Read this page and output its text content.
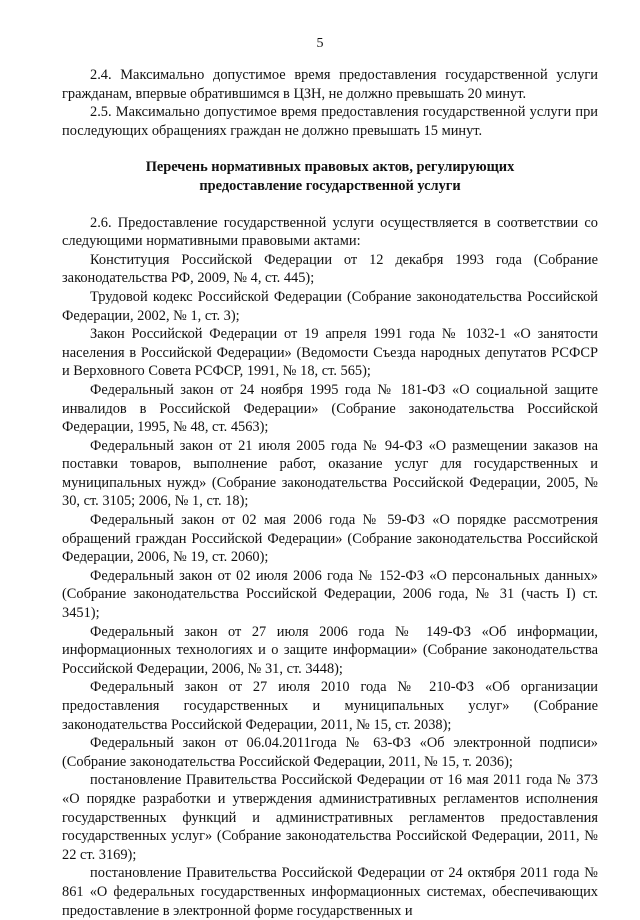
5

2.4. Максимально допустимое время предоставления государственной услуги гражданам, впервые обратившимся в ЦЗН, не должно превышать 20 минут.

2.5. Максимально допустимое время предоставления государственной услуги при последующих обращениях граждан не должно превышать 15 минут.

Перечень нормативных правовых актов, регулирующих
предоставление государственной услуги

2.6. Предоставление государственной услуги осуществляется в соответствии со следующими нормативными правовыми актами:

Конституция Российской Федерации от 12 декабря 1993 года (Собрание законодательства РФ, 2009, № 4, ст. 445);

Трудовой кодекс Российской Федерации (Собрание законодательства Российской Федерации, 2002, № 1, ст. 3);

Закон Российской Федерации от 19 апреля 1991 года № 1032-1 «О занятости населения в Российской Федерации» (Ведомости Съезда народных депутатов РСФСР и Верховного Совета РСФСР, 1991, № 18, ст. 565);

Федеральный закон от 24 ноября 1995 года № 181-ФЗ «О социальной защите инвалидов в Российской Федерации» (Собрание законодательства Российской Федерации, 1995, № 48, ст. 4563);

Федеральный закон от 21 июля 2005 года № 94-ФЗ «О размещении заказов на поставки товаров, выполнение работ, оказание услуг для государственных и муниципальных нужд» (Собрание законодательства Российской Федерации, 2005, № 30, ст. 3105; 2006, № 1, ст. 18);

Федеральный закон от 02 мая 2006 года № 59-ФЗ «О порядке рассмотрения обращений граждан Российской Федерации» (Собрание законодательства Российской Федерации, 2006, № 19, ст. 2060);

Федеральный закон от 02 июля 2006 года № 152-ФЗ «О персональных данных» (Собрание законодательства Российской Федерации, 2006 года, № 31 (часть I) ст. 3451);

Федеральный закон от 27 июля 2006 года № 149-ФЗ «Об информации, информационных технологиях и о защите информации» (Собрание законодательства Российской Федерации, 2006, № 31, ст. 3448);

Федеральный закон от 27 июля 2010 года № 210-ФЗ «Об организации предоставления государственных и муниципальных услуг» (Собрание законодательства Российской Федерации, 2011, № 15, ст. 2038);

Федеральный закон от 06.04.2011года № 63-ФЗ «Об электронной подписи» (Собрание законодательства Российской Федерации, 2011, № 15, т. 2036);

постановление Правительства Российской Федерации от 16 мая 2011 года № 373 «О порядке разработки и утверждения административных регламентов исполнения государственных функций и административных регламентов предоставления государственных услуг» (Собрание законодательства Российской Федерации, 2011, № 22 ст. 3169);

постановление Правительства Российской Федерации от 24 октября 2011 года № 861 «О федеральных государственных информационных системах, обеспечивающих предоставление в электронной форме государственных и
